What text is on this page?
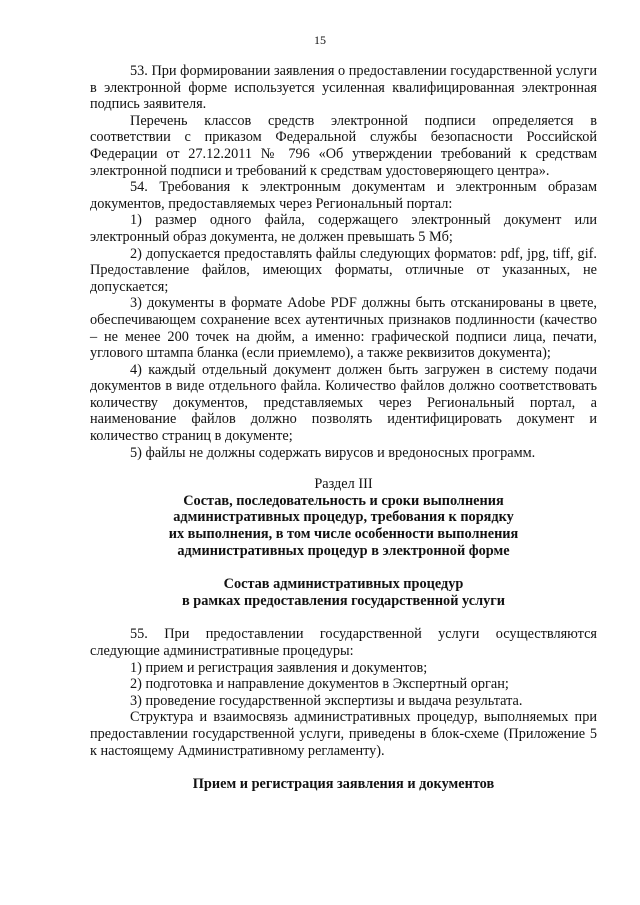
15

53. При формировании заявления о предоставлении государственной услуги в электронной форме используется усиленная квалифицированная электронная подпись заявителя.

Перечень классов средств электронной подписи определяется в соответствии с приказом Федеральной службы безопасности Российской Федерации от 27.12.2011 № 796 «Об утверждении требований к средствам электронной подписи и требований к средствам удостоверяющего центра».

54. Требования к электронным документам и электронным образам документов, предоставляемых через Региональный портал:

1) размер одного файла, содержащего электронный документ или электронный образ документа, не должен превышать 5 Мб;

2) допускается предоставлять файлы следующих форматов: pdf, jpg, tiff, gif. Предоставление файлов, имеющих форматы, отличные от указанных, не допускается;

3) документы в формате Adobe PDF должны быть отсканированы в цвете, обеспечивающем сохранение всех аутентичных признаков подлинности (качество – не менее 200 точек на дюйм, а именно: графической подписи лица, печати, углового штампа бланка (если приемлемо), а также реквизитов документа);

4) каждый отдельный документ должен быть загружен в систему подачи документов в виде отдельного файла. Количество файлов должно соответствовать количеству документов, представляемых через Региональный портал, а наименование файлов должно позволять идентифицировать документ и количество страниц в документе;

5) файлы не должны содержать вирусов и вредоносных программ.

Раздел III

Состав, последовательность и сроки выполнения

административных процедур, требования к порядку

их выполнения, в том числе особенности выполнения

административных процедур в электронной форме

Состав административных процедур

в рамках предоставления государственной услуги

55. При предоставлении государственной услуги осуществляются следующие административные процедуры:

1) прием и регистрация заявления и документов;

2) подготовка и направление документов в Экспертный орган;

3) проведение государственной экспертизы и выдача результата.

Структура и взаимосвязь административных процедур, выполняемых при предоставлении государственной услуги, приведены в блок-схеме (Приложение 5 к настоящему Административному регламенту).

Прием и регистрация заявления и документов
